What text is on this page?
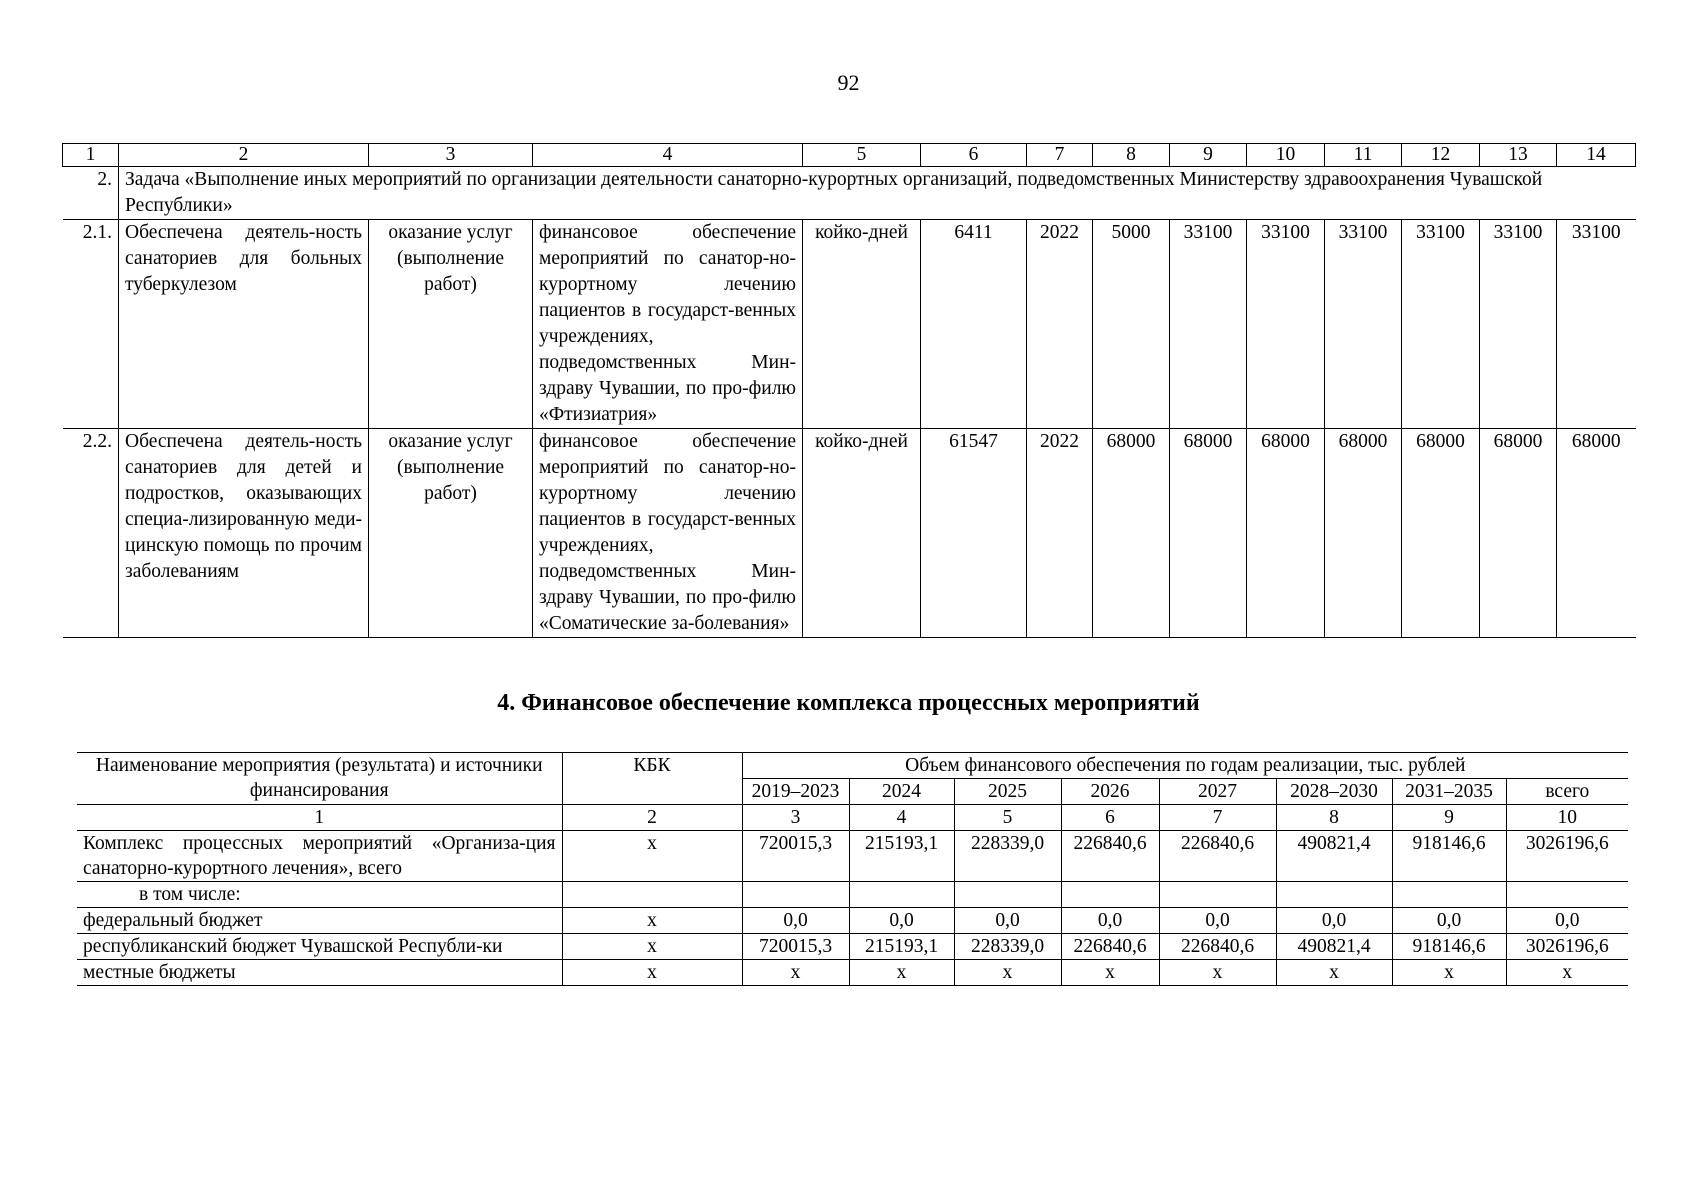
92
1	2	3	4	5	6	7	8	9	10	11	12	13	14
2.	Задача «Выполнение иных мероприятий по организации деятельности санаторно-курортных организаций, подведомственных Министерству здравоохранения Чувашской Республики»												
2.1.	Обеспечена деятель-ность санаториев для больных туберкулезом	оказание услуг (выполнение работ)	финансовое обеспечение мероприятий по санатор-но-курортному лечению пациентов в государст-венных учреждениях, подведомственных Мин-здраву Чувашии, по про-филю «Фтизиатрия»	койко-дней	6411	2022	5000	33100	33100	33100	33100	33100	33100
2.2.	Обеспечена деятель-ность санаториев для детей и подростков, оказывающих специа-лизированную меди-цинскую помощь по прочим заболеваниям	оказание услуг (выполнение работ)	финансовое обеспечение мероприятий по санатор-но-курортному лечению пациентов в государст-венных учреждениях, подведомственных Мин-здраву Чувашии, по про-филю «Соматические за-болевания»	койко-дней	61547	2022	68000	68000	68000	68000	68000	68000	68000
4. Финансовое обеспечение комплекса процессных мероприятий
Наименование мероприятия (результата) и источники финансирования	КБК	Объем финансового обеспечения по годам реализации, тыс. рублей							
		2019–2023	2024	2025	2026	2027	2028–2030	2031–2035	всего
1	2	3	4	5	6	7	8	9	10
Комплекс процессных мероприятий «Организа-ция санаторно-курортного лечения», всего	х	720015,3	215193,1	228339,0	226840,6	226840,6	490821,4	918146,6	3026196,6
в том числе:									
федеральный бюджет	х	0,0	0,0	0,0	0,0	0,0	0,0	0,0	0,0
республиканский бюджет Чувашской Республи-ки	х	720015,3	215193,1	228339,0	226840,6	226840,6	490821,4	918146,6	3026196,6
местные бюджеты	х	х	х	х	х	х	х	х	х
